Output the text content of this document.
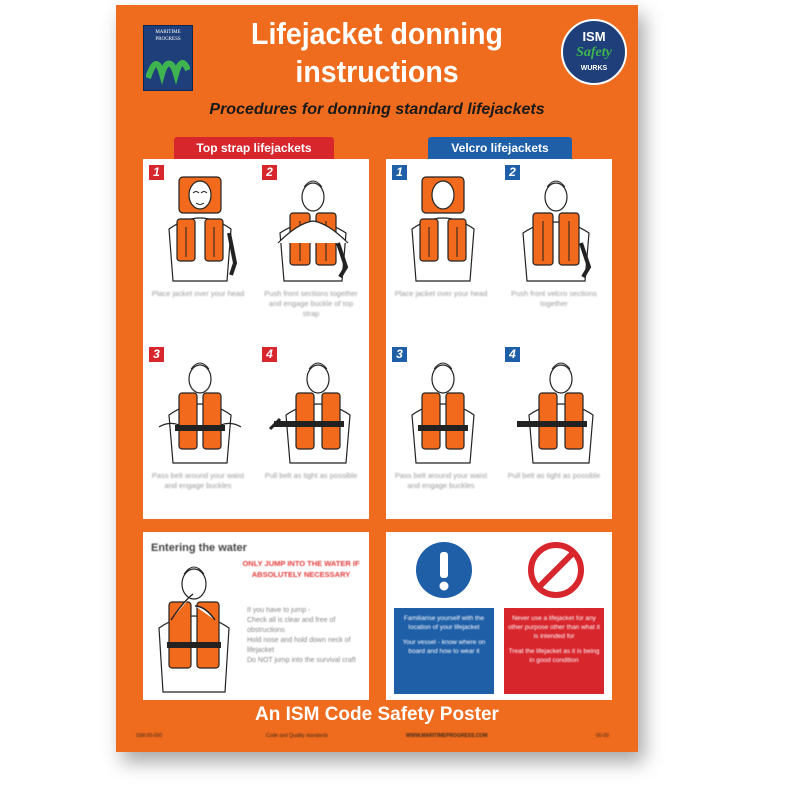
MARITIME
PROGRESS	Lifejacket donning instructions
ISM
Safety
WURKS
Procedures for donning standard lifejackets
Top strap lifejackets	Velcro lifejackets
1
Place jacket over your head
2
Push front sections together and engage buckle of top strap
3
Pass belt around your waist and engage buckles
4
Pull belt as tight as possible
1
Place jacket over your head
2
Push front velcro sections together
3
Pass belt around your waist and engage buckles
4
Pull belt as tight as possible
Entering the water
ONLY JUMP INTO THE WATER IF ABSOLUTELY NECESSARY
If you have to jump -
Check all is clear and free of obstructions
Hold nose and hold down neck of lifejacket
Do NOT jump into the survival craft

Familiarise yourself with the location of your lifejacket

Your vessel - know where on board and how to wear it

Never use a lifejacket for any other purpose other than what it is intended for

Treat the lifejacket as it is being in good condition

An ISM Code Safety Poster
ISM-00-000	Code and Quality standards	WWW.MARITIMEPROGRESS.COM	00-00
